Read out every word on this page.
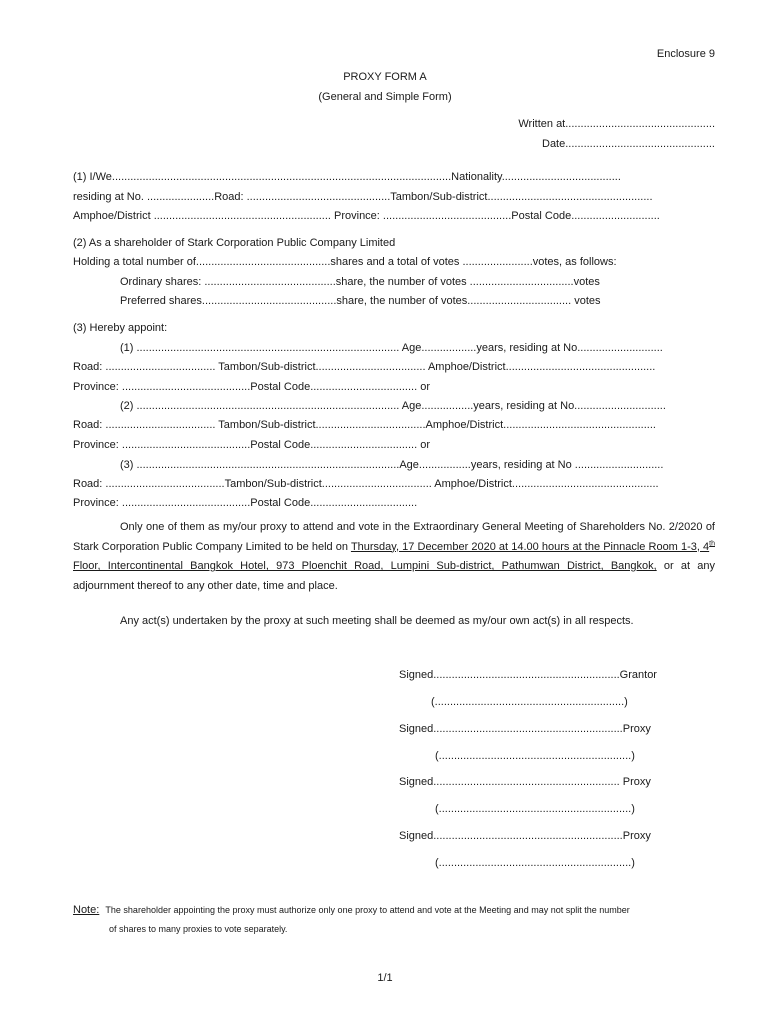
Enclosure 9
PROXY FORM A
(General and Simple Form)
Written at.................................................
Date.................................................
(1) I/We...............................................................................................................Nationality.......................................
residing at No. ......................Road: ...............................................Tambon/Sub-district......................................................
Amphoe/District .......................................................... Province: ..........................................Postal Code.............................
(2) As a shareholder of Stark Corporation Public Company Limited
Holding a total number of............................................shares and a total of votes .......................votes, as follows:
Ordinary shares: ...........................................share, the number of votes ..................................votes
Preferred shares............................................share, the number of votes.................................. votes
(3) Hereby appoint:
(1) ...................................................................................... Age..................years, residing at No............................
Road: .................................... Tambon/Sub-district.................................... Amphoe/District.................................................
Province: ..........................................Postal Code................................... or
(2) ...................................................................................... Age.................years, residing at No..............................
Road: .................................... Tambon/Sub-district....................................Amphoe/District..................................................
Province: ..........................................Postal Code................................... or
(3) ......................................................................................Age.................years, residing at No .............................
Road: .......................................Tambon/Sub-district.................................... Amphoe/District................................................
Province: ..........................................Postal Code...................................
Only one of them as my/our proxy to attend and vote in the Extraordinary General Meeting of Shareholders No. 2/2020 of Stark Corporation Public Company Limited to be held on Thursday, 17 December 2020 at 14.00 hours at the Pinnacle Room 1-3, 4th Floor, Intercontinental Bangkok Hotel, 973 Ploenchit Road, Lumpini Sub-district, Pathumwan District, Bangkok, or at any adjournment thereof to any other date, time and place.
Any act(s) undertaken by the proxy at such meeting shall be deemed as my/our own act(s) in all respects.
Signed.............................................................Grantor
(..............................................................)
Signed..............................................................Proxy
(...............................................................)
Signed............................................................. Proxy
(...............................................................)
Signed..............................................................Proxy
(...............................................................)
Note: The shareholder appointing the proxy must authorize only one proxy to attend and vote at the Meeting and may not split the number
of shares to many proxies to vote separately.
1/1
